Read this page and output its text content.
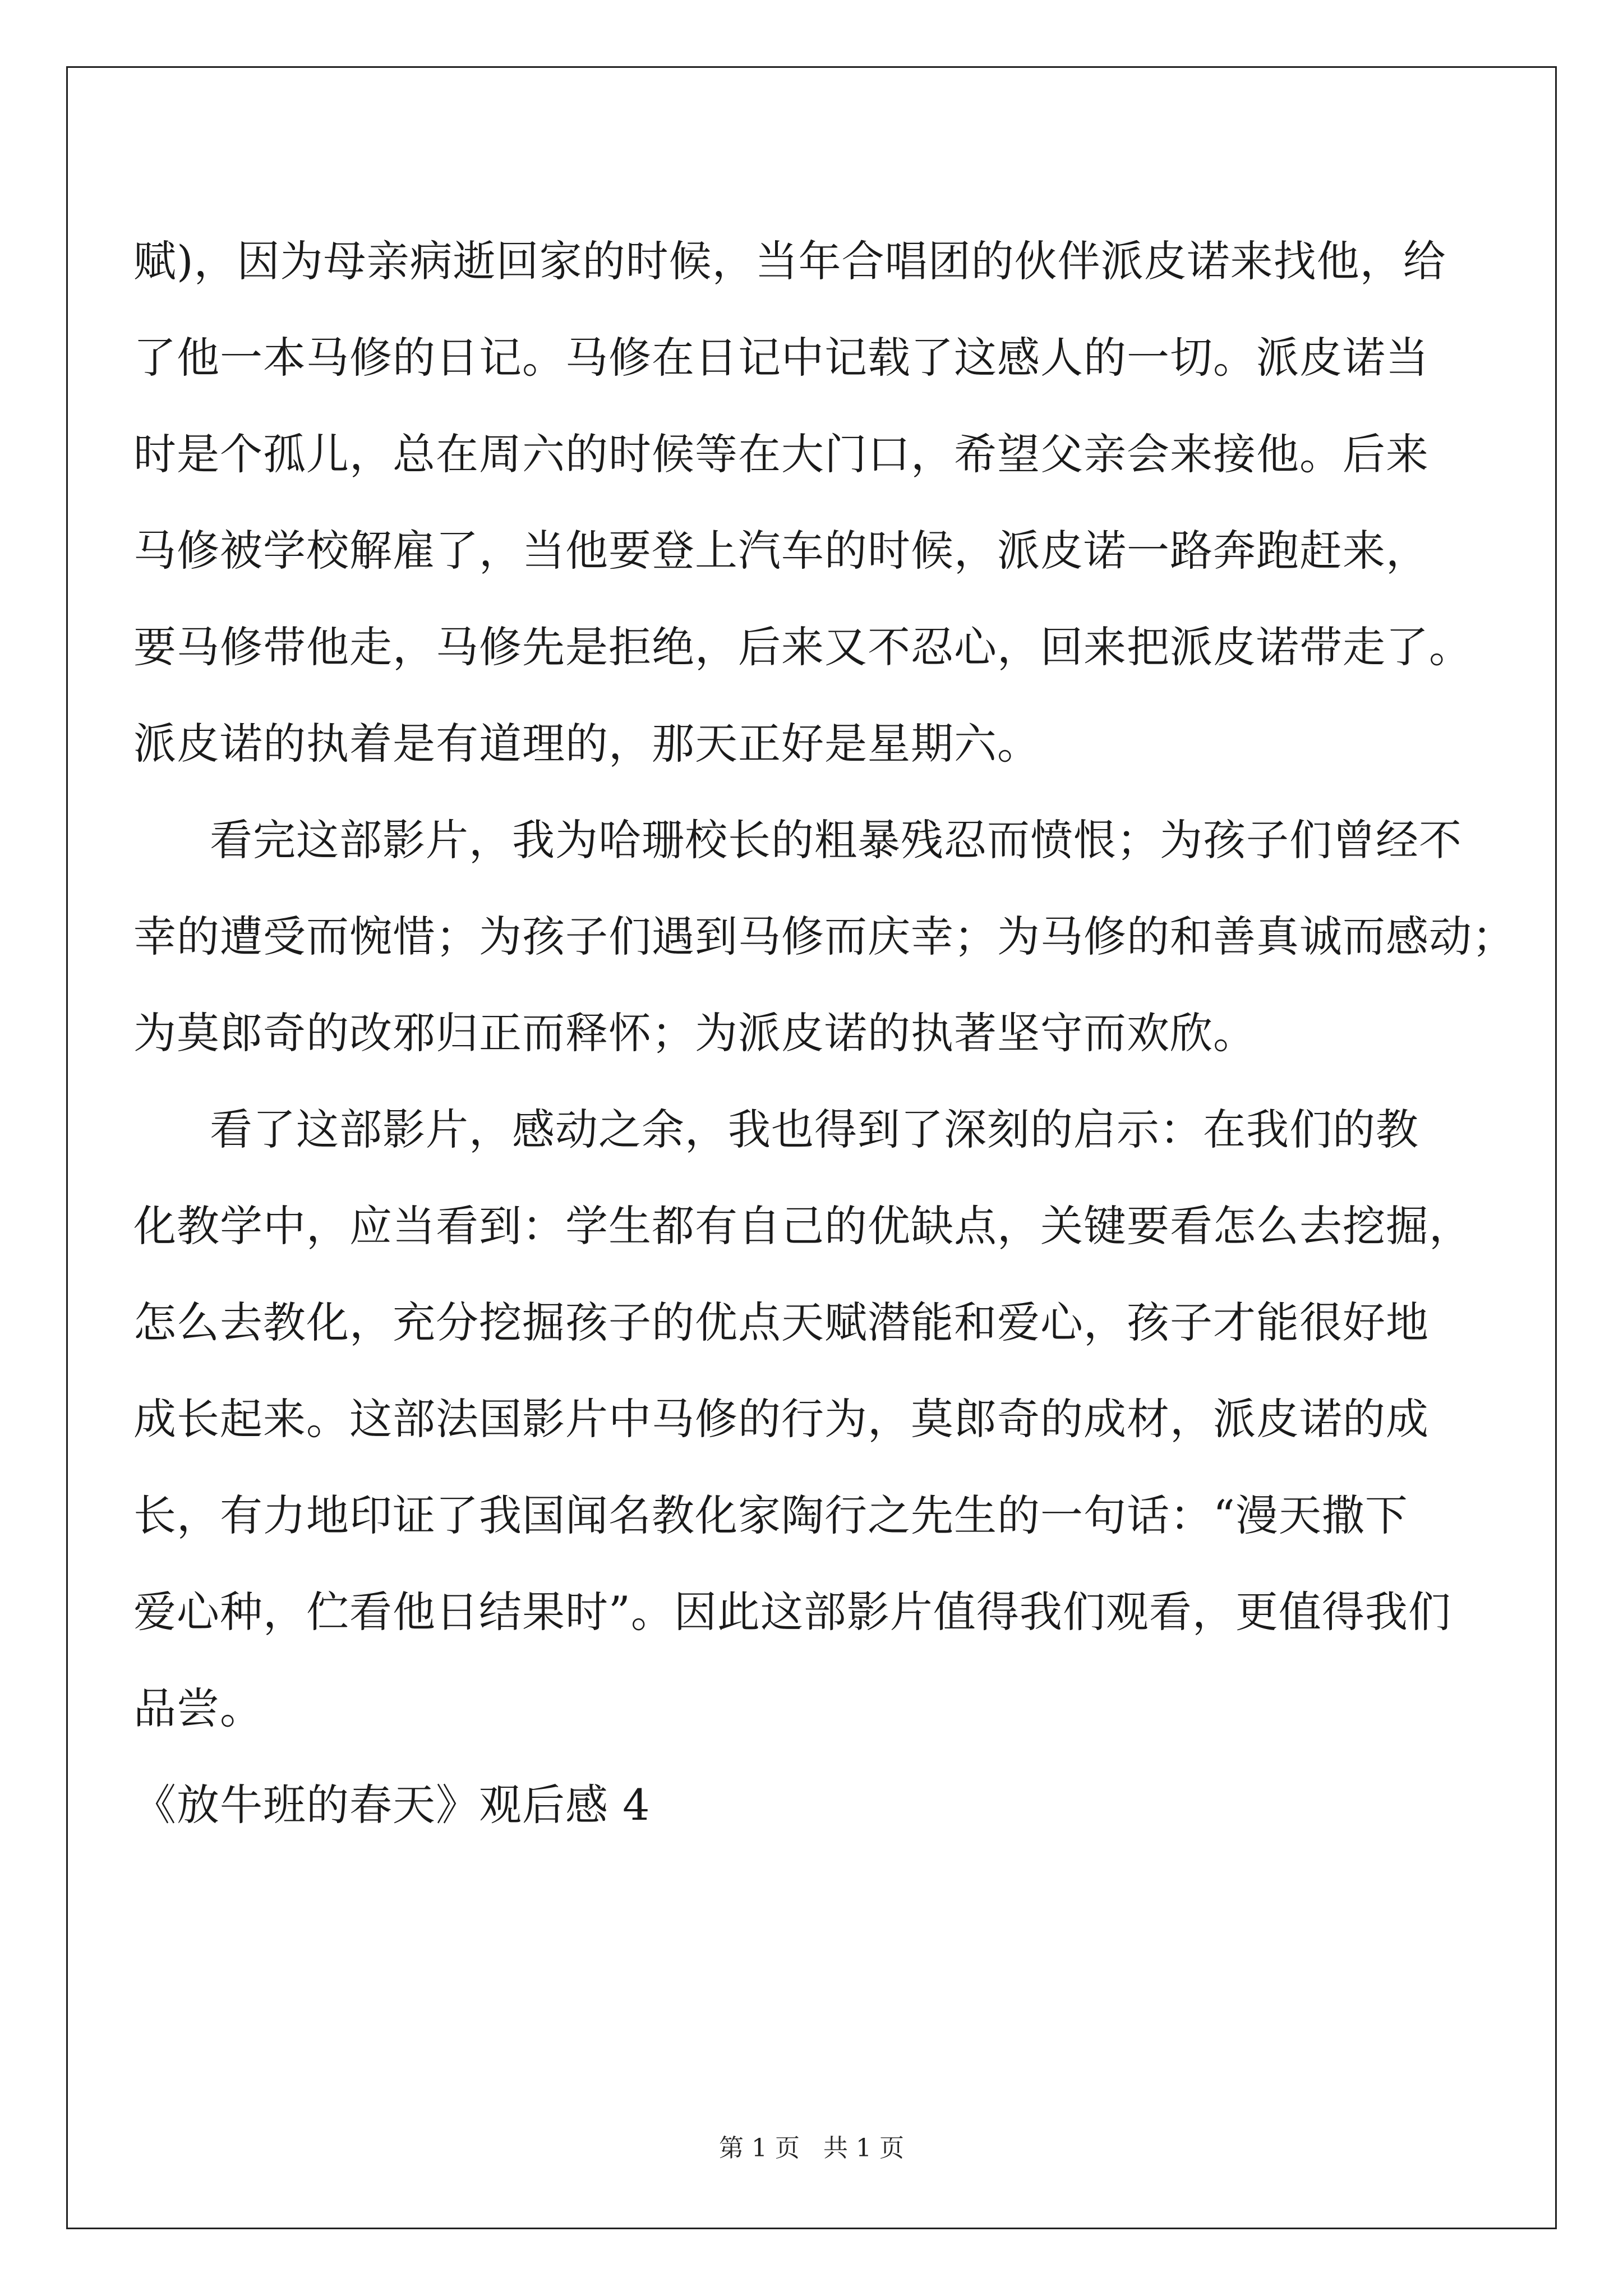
赋)，因为母亲病逝回家的时候，当年合唱团的伙伴派皮诺来找他，给
了他一本马修的日记。马修在日记中记载了这感人的一切。派皮诺当
时是个孤儿，总在周六的时候等在大门口，希望父亲会来接他。后来
马修被学校解雇了，当他要登上汽车的时候，派皮诺一路奔跑赶来，
要马修带他走，马修先是拒绝，后来又不忍心，回来把派皮诺带走了。
派皮诺的执着是有道理的，那天正好是星期六。
看完这部影片，我为哈珊校长的粗暴残忍而愤恨；为孩子们曾经不
幸的遭受而惋惜；为孩子们遇到马修而庆幸；为马修的和善真诚而感动；
为莫郎奇的改邪归正而释怀；为派皮诺的执著坚守而欢欣。
看了这部影片，感动之余，我也得到了深刻的启示：在我们的教
化教学中，应当看到：学生都有自己的优缺点，关键要看怎么去挖掘，
怎么去教化，充分挖掘孩子的优点天赋潜能和爱心，孩子才能很好地
成长起来。这部法国影片中马修的行为，莫郎奇的成材，派皮诺的成
长，有力地印证了我国闻名教化家陶行之先生的一句话：“漫天撒下
爱心种，伫看他日结果时”。因此这部影片值得我们观看，更值得我们
品尝。
《放牛班的春天》观后感 4
第 1 页 共 1 页
